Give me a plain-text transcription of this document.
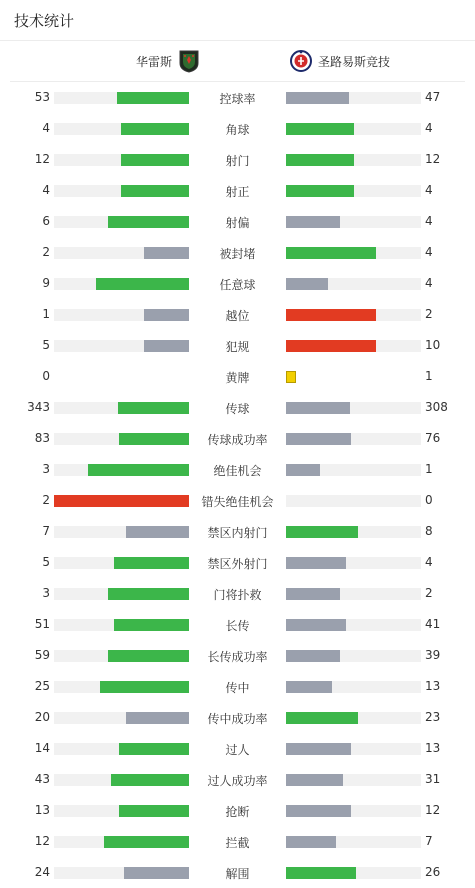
技术统计
华雷斯	圣路易斯竞技
53	控球率	47
4	角球	4
12	射门	12
4	射正	4
6	射偏	4
2	被封堵	4
9	任意球	4
1	越位	2
5	犯规	10
0	黄牌	1
343	传球	308
83	传球成功率	76
3	绝佳机会	1
2	错失绝佳机会	0
7	禁区内射门	8
5	禁区外射门	4
3	门将扑救	2
51	长传	41
59	长传成功率	39
25	传中	13
20	传中成功率	23
14	过人	13
43	过人成功率	31
13	抢断	12
12	拦截	7
24	解围	26
